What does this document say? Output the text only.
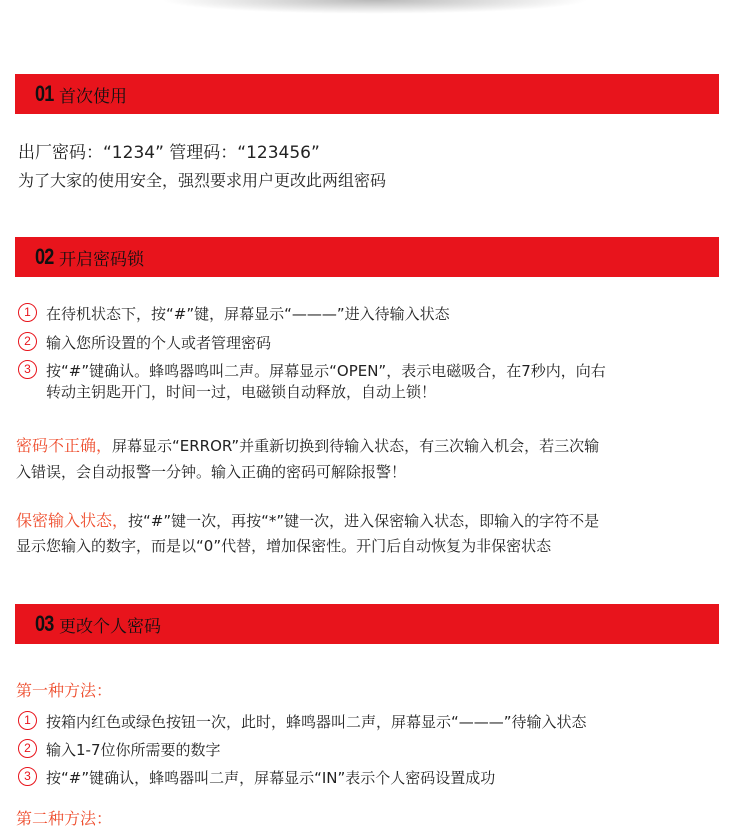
01 首次使用
出厂密码：“1234” 管理码：“123456”
为了大家的使用安全，强烈要求用户更改此两组密码
02 开启密码锁
1	在待机状态下，按“#”键，屏幕显示“———”进入待输入状态
2	输入您所设置的个人或者管理密码
3	按“#”键确认。蜂鸣器鸣叫二声。屏幕显示“OPEN”，表示电磁吸合，在7秒内，向右
转动主钥匙开门，时间一过，电磁锁自动释放，自动上锁！
密码不正确，屏幕显示“ERROR”并重新切换到待输入状态，有三次输入机会，若三次输
入错误，会自动报警一分钟。输入正确的密码可解除报警！
保密输入状态，按“#”键一次，再按“*”键一次，进入保密输入状态，即输入的字符不是
显示您输入的数字，而是以“0”代替，增加保密性。开门后自动恢复为非保密状态
03 更改个人密码
第一种方法：
1	按箱内红色或绿色按钮一次，此时，蜂鸣器叫二声，屏幕显示“———”待输入状态
2	输入1-7位你所需要的数字
3	按“#”键确认，蜂鸣器叫二声，屏幕显示“IN”表示个人密码设置成功
第二种方法：
